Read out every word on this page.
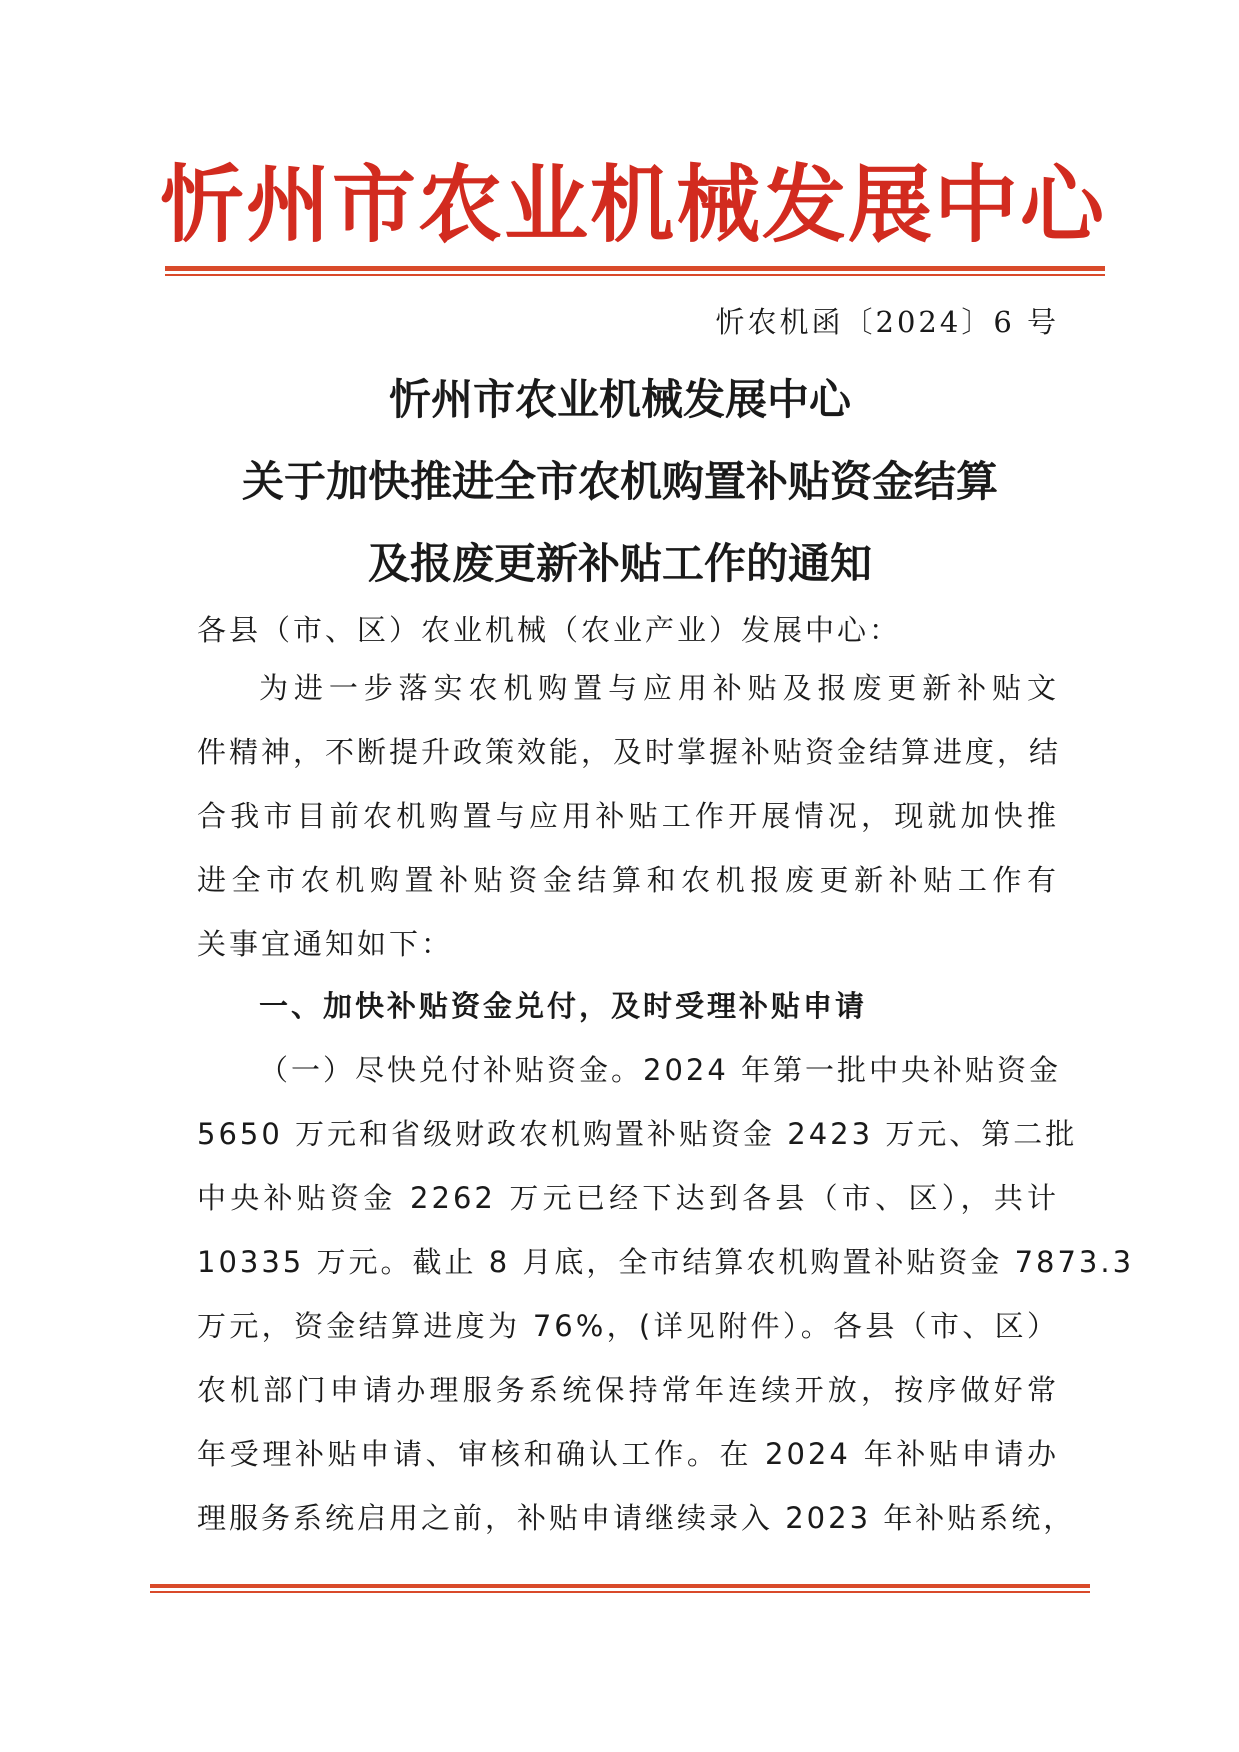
忻州市农业机械发展中心
忻农机函〔2024〕6 号
忻州市农业机械发展中心
关于加快推进全市农机购置补贴资金结算
及报废更新补贴工作的通知
各县（市、区）农业机械（农业产业）发展中心：
为进一步落实农机购置与应用补贴及报废更新补贴文
件精神，不断提升政策效能，及时掌握补贴资金结算进度，结
合我市目前农机购置与应用补贴工作开展情况，现就加快推
进全市农机购置补贴资金结算和农机报废更新补贴工作有
关事宜通知如下：
一、加快补贴资金兑付，及时受理补贴申请
（一）尽快兑付补贴资金。2024 年第一批中央补贴资金
5650 万元和省级财政农机购置补贴资金 2423 万元、第二批
中央补贴资金 2262 万元已经下达到各县（市、区），共计
10335 万元。截止 8 月底，全市结算农机购置补贴资金 7873.3
万元，资金结算进度为 76%，(详见附件）。各县（市、区）
农机部门申请办理服务系统保持常年连续开放，按序做好常
年受理补贴申请、审核和确认工作。在 2024 年补贴申请办
理服务系统启用之前，补贴申请继续录入 2023 年补贴系统，
